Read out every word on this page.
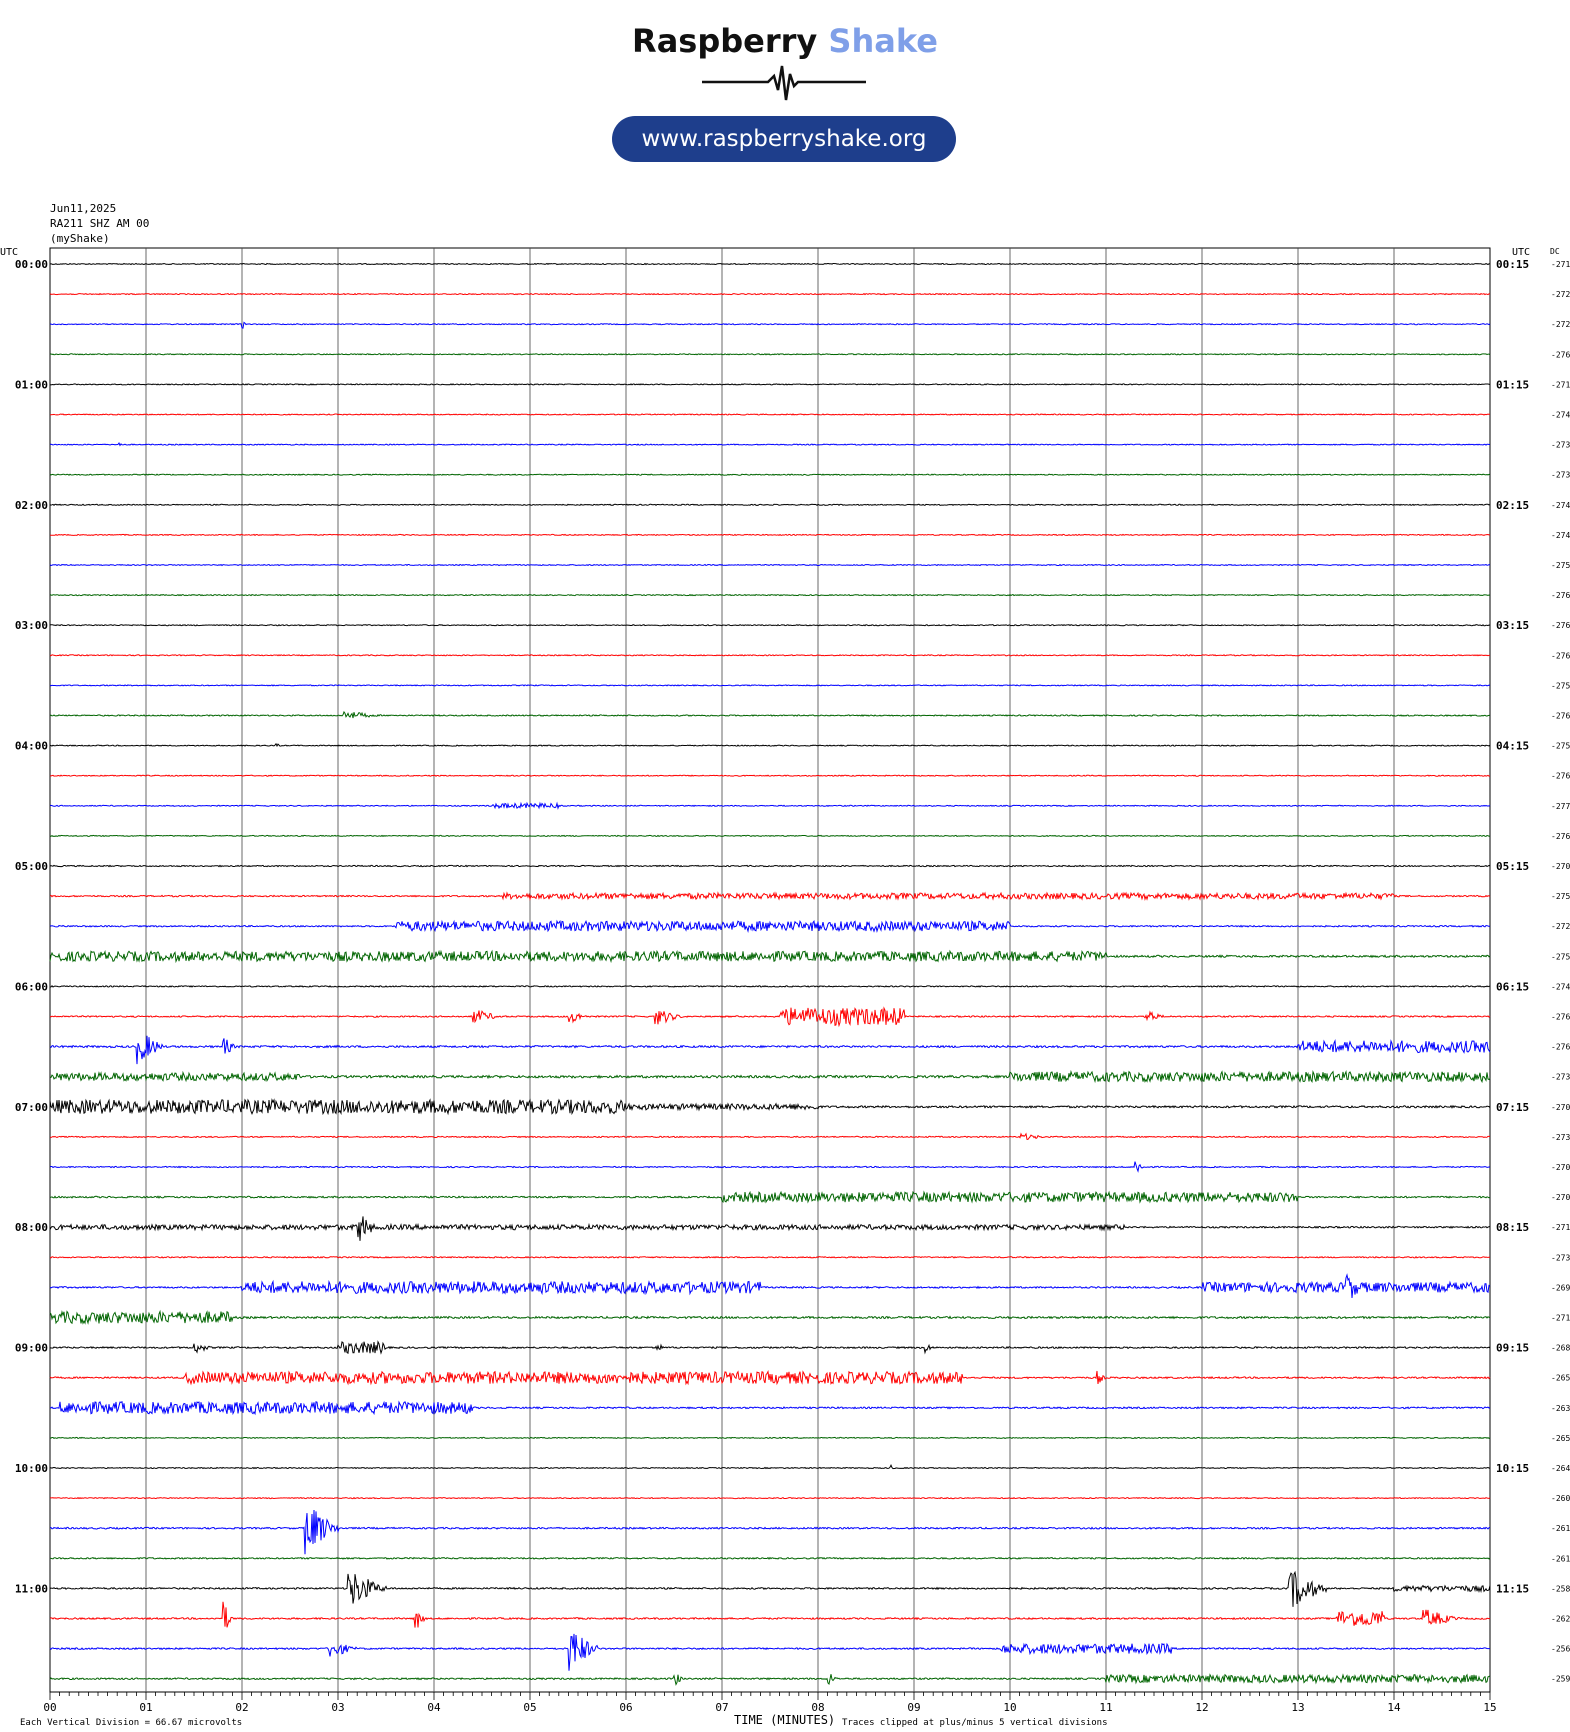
Raspberry Shake
www.raspberryshake.org
Jun11,2025
RA211 SHZ AM 00
(myShake)
00	01	02	03	04	05	06	07	08	09	10	11	12	13	14	15
UTC	UTC DC
-271
00:00	00:15
-272
-272
-276
-271
01:00	01:15
-274
-273
-273
-274
02:00	02:15
-274
-275
-276
-276
03:00	03:15
-276
-275
-276
-275
04:00	04:15
-276
-277
-276
-270
05:00	05:15
-275
-272
-275
-274
06:00	06:15
-276
-276
-273
-270
07:00	07:15
-273
-270
-270
-271
08:00	08:15
-273
-269
-271
-268
09:00	09:15
-265
-263
-265
-264
10:00	10:15
-260
-261
-261
-258
11:00	11:15
-262
-256
-259
Each Vertical Division = 66.67 microvolts	TIME (MINUTES) Traces clipped at plus/minus 5 vertical divisions
